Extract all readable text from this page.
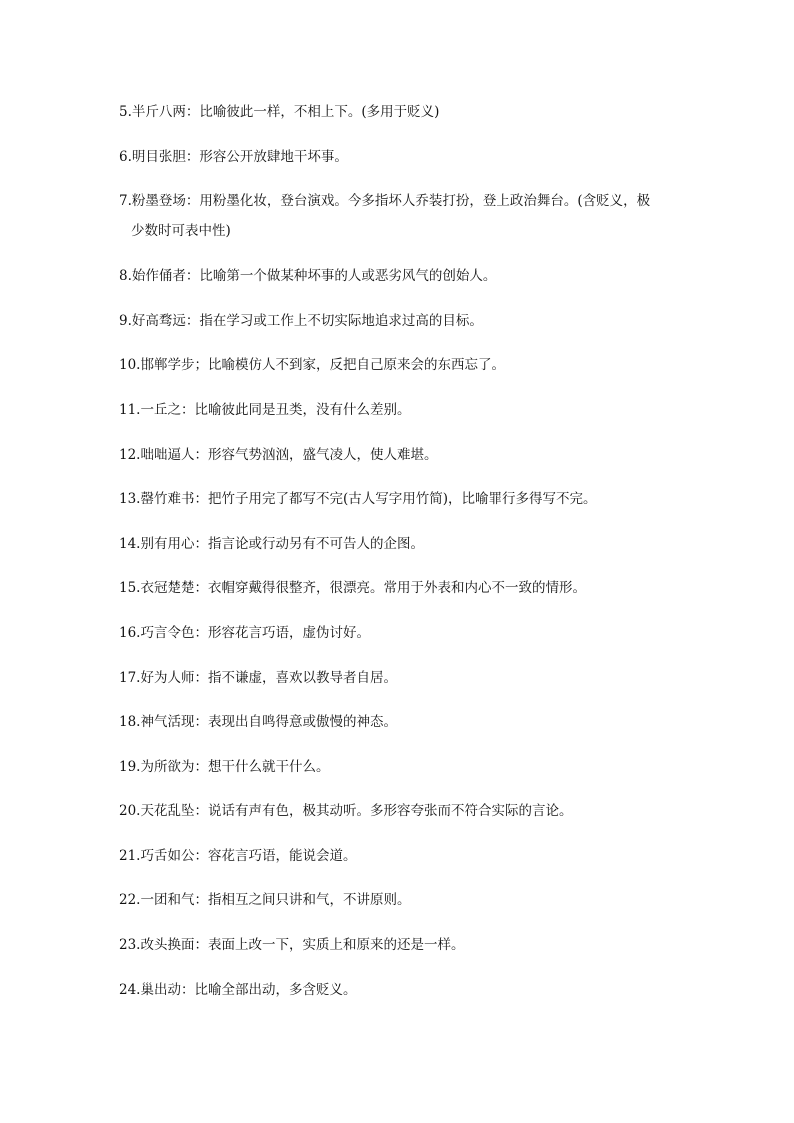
5.半斤八两：比喻彼此一样，不相上下。(多用于贬义)
6.明目张胆：形容公开放肆地干坏事。
7.粉墨登场：用粉墨化妆，登台演戏。今多指坏人乔装打扮，登上政治舞台。(含贬义，极
少数时可表中性)
8.始作俑者：比喻第一个做某种坏事的人或恶劣风气的创始人。
9.好高骛远：指在学习或工作上不切实际地追求过高的目标。
10.邯郸学步；比喻模仿人不到家，反把自己原来会的东西忘了。
11.一丘之：比喻彼此同是丑类，没有什么差别。
12.咄咄逼人：形容气势汹汹，盛气凌人，使人难堪。
13.罄竹难书：把竹子用完了都写不完(古人写字用竹简)，比喻罪行多得写不完。
14.别有用心：指言论或行动另有不可告人的企图。
15.衣冠楚楚：衣帽穿戴得很整齐，很漂亮。常用于外表和内心不一致的情形。
16.巧言令色：形容花言巧语，虚伪讨好。
17.好为人师：指不谦虚，喜欢以教导者自居。
18.神气活现：表现出自鸣得意或傲慢的神态。
19.为所欲为：想干什么就干什么。
20.天花乱坠：说话有声有色，极其动听。多形容夸张而不符合实际的言论。
21.巧舌如公：容花言巧语，能说会道。
22.一团和气：指相互之间只讲和气，不讲原则。
23.改头换面：表面上改一下，实质上和原来的还是一样。
24.巢出动：比喻全部出动，多含贬义。
